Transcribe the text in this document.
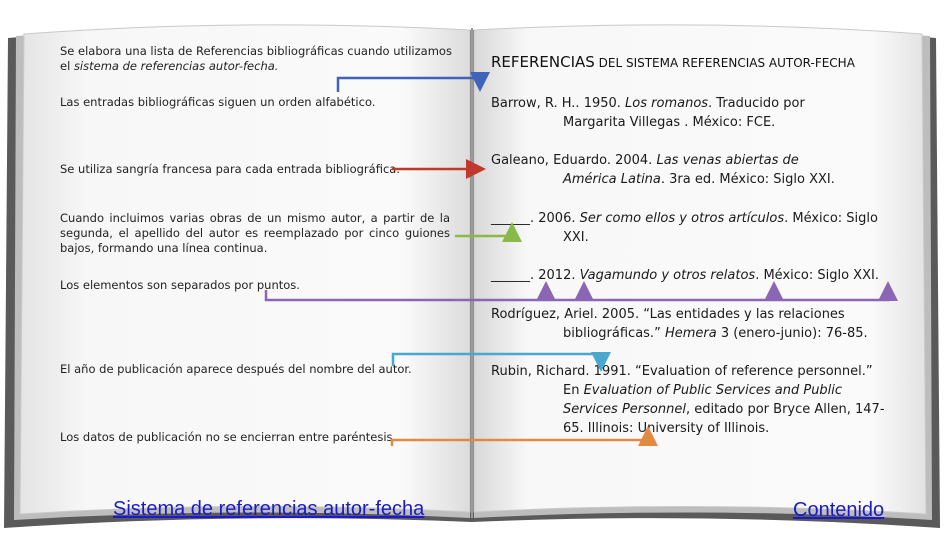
Se elabora una lista de Referencias bibliográficas cuando utilizamos el sistema de referencias autor-fecha.
Las entradas bibliográficas siguen un orden alfabético.
Se utiliza sangría francesa para cada entrada bibliográfica.
Cuando incluimos varias obras de un mismo autor, a partir de la segunda, el apellido del autor es reemplazado por cinco guiones bajos, formando una línea continua.
Los elementos son separados por puntos.
El año de publicación aparece después del nombre del autor.
Los datos de publicación no se encierran entre paréntesis.
REFERENCIAS DEL SISTEMA REFERENCIAS AUTOR-FECHA
Barrow, R. H.. 1950. Los romanos. Traducido por
Margarita Villegas . México: FCE.
Galeano, Eduardo. 2004. Las venas abiertas de
América Latina. 3ra ed. México: Siglo XXI.
______. 2006. Ser como ellos y otros artículos. México: Siglo
XXI.
______. 2012. Vagamundo y otros relatos. México: Siglo XXI.
Rodríguez, Ariel. 2005. “Las entidades y las relaciones
bibliográficas.” Hemera 3 (enero-junio): 76-85.
Rubin, Richard. 1991. “Evaluation of reference personnel.”
En Evaluation of Public Services and Public
Services Personnel, editado por Bryce Allen, 147-
65. Illinois: University of Illinois.
Sistema de referencias autor-fecha	Contenido
